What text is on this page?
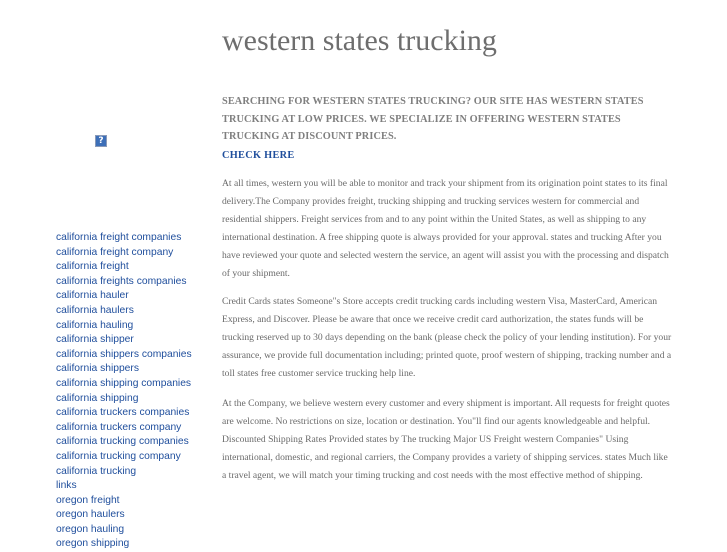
?
california freight companies
california freight company
california freight
california freights companies
california hauler
california haulers
california hauling
california shipper
california shippers companies
california shippers
california shipping companies
california shipping
california truckers companies
california truckers company
california trucking companies
california trucking company
california trucking
links
oregon freight
oregon haulers
oregon hauling
oregon shipping
western states trucking

SEARCHING FOR WESTERN STATES TRUCKING? OUR SITE HAS WESTERN STATES TRUCKING AT LOW PRICES. WE SPECIALIZE IN OFFERING WESTERN STATES TRUCKING AT DISCOUNT PRICES.

CHECK HERE

At all times, western you will be able to monitor and track your shipment from its origination point states to its final delivery.The Company provides freight, trucking shipping and trucking services western for commercial and residential shippers. Freight services from and to any point within the United States, as well as shipping to any international destination. A free shipping quote is always provided for your approval. states and trucking After you have reviewed your quote and selected western the service, an agent will assist you with the processing and dispatch of your shipment.

Credit Cards states Someone"s Store accepts credit trucking cards including western Visa, MasterCard, American Express, and Discover. Please be aware that once we receive credit card authorization, the states funds will be trucking reserved up to 30 days depending on the bank (please check the policy of your lending institution). For your assurance, we provide full documentation including; printed quote, proof western of shipping, tracking number and a toll states free customer service trucking help line.

At the Company, we believe western every customer and every shipment is important. All requests for freight quotes are welcome. No restrictions on size, location or destination. You"ll find our agents knowledgeable and helpful. Discounted Shipping Rates Provided states by The trucking Major US Freight western Companies" Using international, domestic, and regional carriers, the Company provides a variety of shipping services. states Much like a travel agent, we will match your timing trucking and cost needs with the most effective method of shipping.
